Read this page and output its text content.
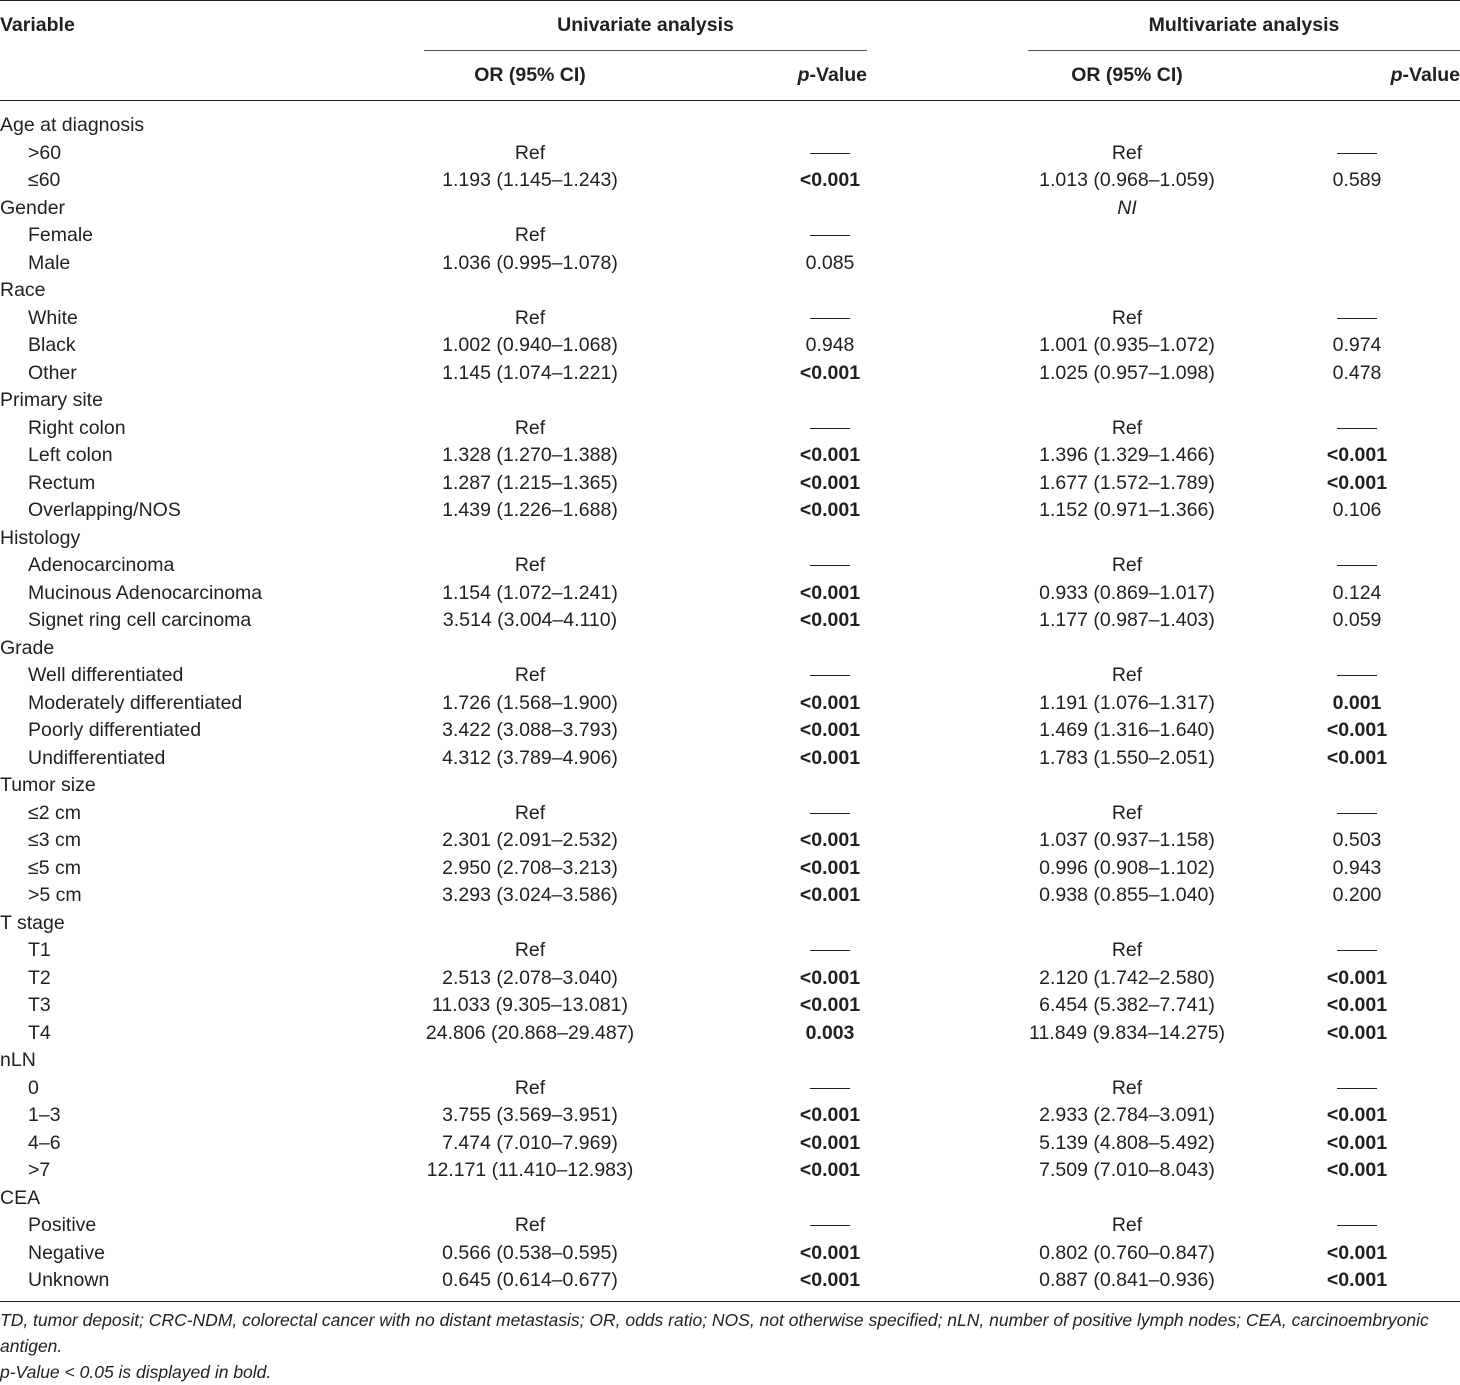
Variable	Univariate analysis	Multivariate analysis
OR (95% CI)	p-Value	OR (95% CI)	p-Value
Age at diagnosis				
>60	Ref		Ref	
≤60	1.193 (1.145–1.243)	<0.001	1.013 (0.968–1.059)	0.589
Gender			NI	
Female	Ref			
Male	1.036 (0.995–1.078)	0.085		
Race				
White	Ref		Ref	
Black	1.002 (0.940–1.068)	0.948	1.001 (0.935–1.072)	0.974
Other	1.145 (1.074–1.221)	<0.001	1.025 (0.957–1.098)	0.478
Primary site				
Right colon	Ref		Ref	
Left colon	1.328 (1.270–1.388)	<0.001	1.396 (1.329–1.466)	<0.001
Rectum	1.287 (1.215–1.365)	<0.001	1.677 (1.572–1.789)	<0.001
Overlapping/NOS	1.439 (1.226–1.688)	<0.001	1.152 (0.971–1.366)	0.106
Histology				
Adenocarcinoma	Ref		Ref	
Mucinous Adenocarcinoma	1.154 (1.072–1.241)	<0.001	0.933 (0.869–1.017)	0.124
Signet ring cell carcinoma	3.514 (3.004–4.110)	<0.001	1.177 (0.987–1.403)	0.059
Grade				
Well differentiated	Ref		Ref	
Moderately differentiated	1.726 (1.568–1.900)	<0.001	1.191 (1.076–1.317)	0.001
Poorly differentiated	3.422 (3.088–3.793)	<0.001	1.469 (1.316–1.640)	<0.001
Undifferentiated	4.312 (3.789–4.906)	<0.001	1.783 (1.550–2.051)	<0.001
Tumor size				
≤2 cm	Ref		Ref	
≤3 cm	2.301 (2.091–2.532)	<0.001	1.037 (0.937–1.158)	0.503
≤5 cm	2.950 (2.708–3.213)	<0.001	0.996 (0.908–1.102)	0.943
>5 cm	3.293 (3.024–3.586)	<0.001	0.938 (0.855–1.040)	0.200
T stage				
T1	Ref		Ref	
T2	2.513 (2.078–3.040)	<0.001	2.120 (1.742–2.580)	<0.001
T3	11.033 (9.305–13.081)	<0.001	6.454 (5.382–7.741)	<0.001
T4	24.806 (20.868–29.487)	0.003	11.849 (9.834–14.275)	<0.001
nLN				
0	Ref		Ref	
1–3	3.755 (3.569–3.951)	<0.001	2.933 (2.784–3.091)	<0.001
4–6	7.474 (7.010–7.969)	<0.001	5.139 (4.808–5.492)	<0.001
>7	12.171 (11.410–12.983)	<0.001	7.509 (7.010–8.043)	<0.001
CEA				
Positive	Ref		Ref	
Negative	0.566 (0.538–0.595)	<0.001	0.802 (0.760–0.847)	<0.001
Unknown	0.645 (0.614–0.677)	<0.001	0.887 (0.841–0.936)	<0.001
TD, tumor deposit; CRC-NDM, colorectal cancer with no distant metastasis; OR, odds ratio; NOS, not otherwise specified; nLN, number of positive lymph nodes; CEA, carcinoembryonic antigen.
p-Value < 0.05 is displayed in bold.
